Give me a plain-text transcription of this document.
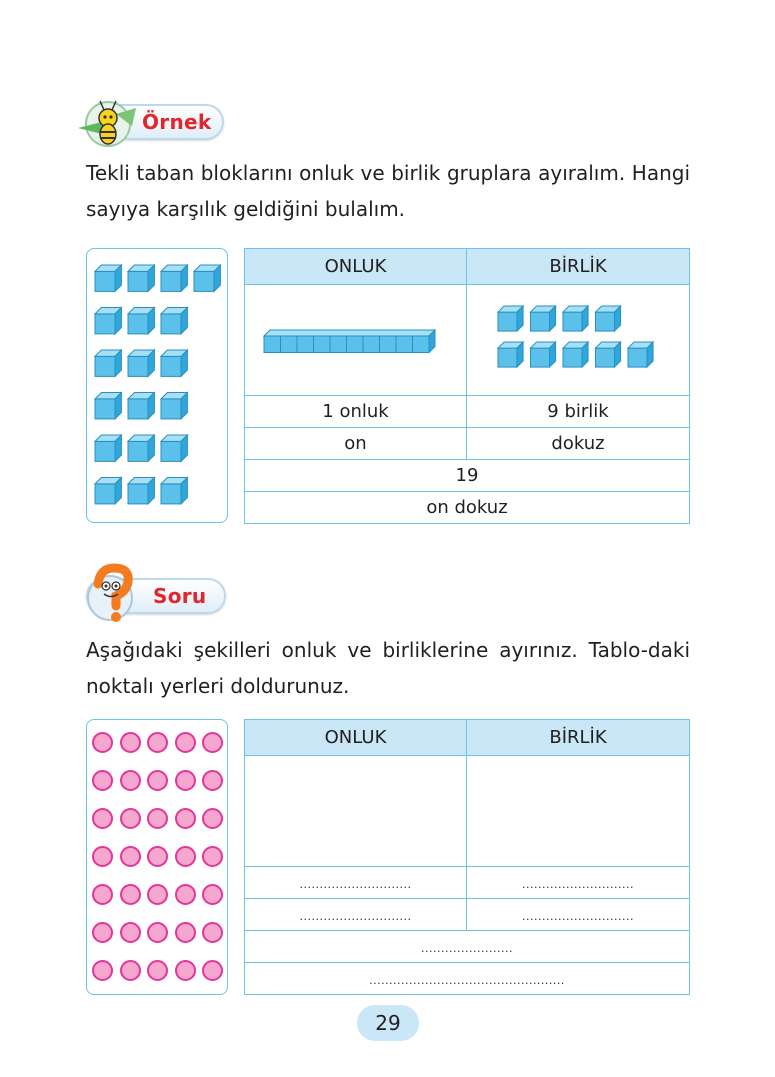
Örnek
Tekli taban bloklarını onluk ve birlik gruplara ayıralım. Hangi sayıya karşılık geldiğini bulalım.
ONLUK	BİRLİK

1 onluk	9 birlik
on	dokuz
19	
on dokuz	
Soru
Aşağıdaki şekilleri onluk ve birliklerine ayırınız. Tablo-daki noktalı yerleri doldurunuz.
ONLUK	BİRLİK

............................	............................
............................	............................
.......................	
.................................................	
29
